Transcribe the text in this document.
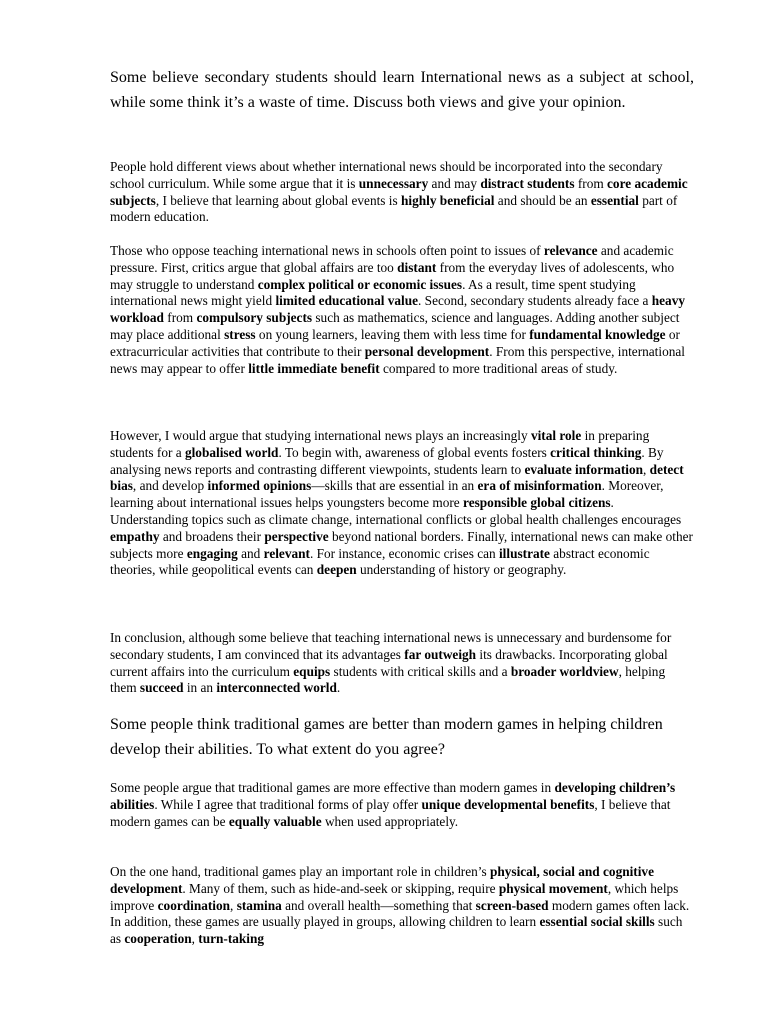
Some believe secondary students should learn International news as a subject at school, while some think it’s a waste of time. Discuss both views and give your opinion.

People hold different views about whether international news should be incorporated into the secondary school curriculum. While some argue that it is unnecessary and may distract students from core academic subjects, I believe that learning about global events is highly beneficial and should be an essential part of modern education.

Those who oppose teaching international news in schools often point to issues of relevance and academic pressure. First, critics argue that global affairs are too distant from the everyday lives of adolescents, who may struggle to understand complex political or economic issues. As a result, time spent studying international news might yield limited educational value. Second, secondary students already face a heavy workload from compulsory subjects such as mathematics, science and languages. Adding another subject may place additional stress on young learners, leaving them with less time for fundamental knowledge or extracurricular activities that contribute to their personal development. From this perspective, international news may appear to offer little immediate benefit compared to more traditional areas of study.

However, I would argue that studying international news plays an increasingly vital role in preparing students for a globalised world. To begin with, awareness of global events fosters critical thinking. By analysing news reports and contrasting different viewpoints, students learn to evaluate information, detect bias, and develop informed opinions—skills that are essential in an era of misinformation. Moreover, learning about international issues helps youngsters become more responsible global citizens. Understanding topics such as climate change, international conflicts or global health challenges encourages empathy and broadens their perspective beyond national borders. Finally, international news can make other subjects more engaging and relevant. For instance, economic crises can illustrate abstract economic theories, while geopolitical events can deepen understanding of history or geography.

In conclusion, although some believe that teaching international news is unnecessary and burdensome for secondary students, I am convinced that its advantages far outweigh its drawbacks. Incorporating global current affairs into the curriculum equips students with critical skills and a broader worldview, helping them succeed in an interconnected world.

Some people think traditional games are better than modern games in helping children develop their abilities. To what extent do you agree?

Some people argue that traditional games are more effective than modern games in developing children’s abilities. While I agree that traditional forms of play offer unique developmental benefits, I believe that modern games can be equally valuable when used appropriately.

On the one hand, traditional games play an important role in children’s physical, social and cognitive development. Many of them, such as hide-and-seek or skipping, require physical movement, which helps improve coordination, stamina and overall health—something that screen-based modern games often lack. In addition, these games are usually played in groups, allowing children to learn essential social skills such as cooperation, turn-taking
